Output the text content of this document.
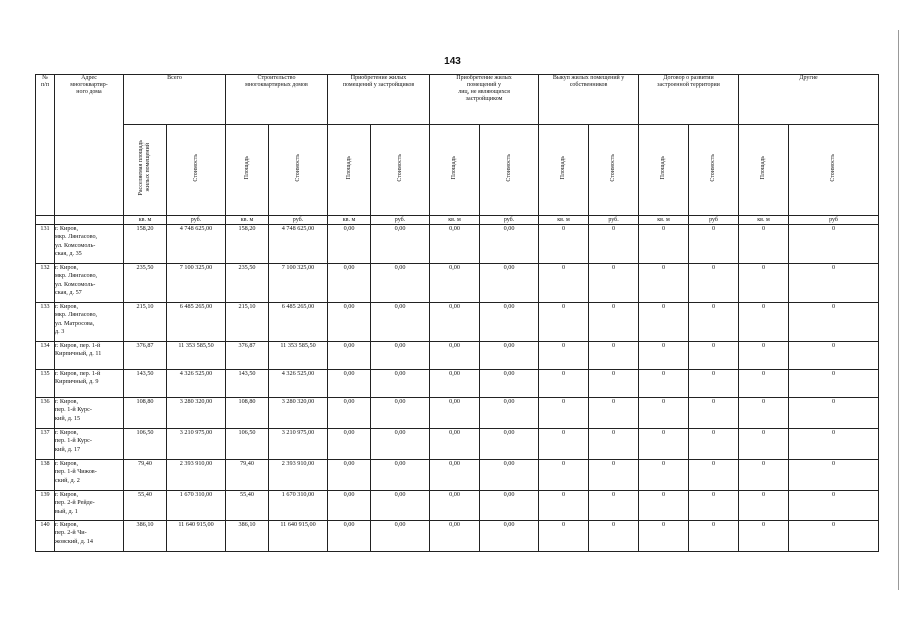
143
№
п/п	Адрес
многоквартир-
ного дома	Всего		Строительство
многоквартирных домов		Приобретение жилых
помещений у застройщиков		Приобретение жилых
помещений у
лиц, не являющихся
застройщиком		Выкуп жилых помещений у
собственников		Договор о развитии
застроенной территории		Другие	
		Расселяемая площадь
жилых помещений	Стоимость	Площадь	Стоимость	Площадь	Стоимость	Площадь	Стоимость	Площадь	Стоимость	Площадь	Стоимость	Площадь	Стоимость
		кв. м	руб.	кв. м	руб.	кв. м	руб.	кв. м	руб.	кв. м	руб.	кв. м	руб	кв. м	руб
131	г. Киров,
мкр. Лянгасово,
ул. Комсомоль-
ская, д. 35	158,20	4 748 625,00	158,20	4 748 625,00	0,00	0,00	0,00	0,00	0	0	0	0	0	0
132	г. Киров,
мкр. Лянгасово,
ул. Комсомоль-
ская, д. 57	235,50	7 100 325,00	235,50	7 100 325,00	0,00	0,00	0,00	0,00	0	0	0	0	0	0
133	г. Киров,
мкр. Лянгасово,
ул. Матросова,
д. 3	215,10	6 485 265,00	215,10	6 485 265,00	0,00	0,00	0,00	0,00	0	0	0	0	0	0
134	г. Киров, пер. 1-й
Кирпичный, д. 11	376,87	11 353 585,50	376,87	11 353 585,50	0,00	0,00	0,00	0,00	0	0	0	0	0	0
135	г. Киров, пер. 1-й
Кирпичный, д. 9	143,50	4 326 525,00	143,50	4 326 525,00	0,00	0,00	0,00	0,00	0	0	0	0	0	0
136	г. Киров,
пер. 1-й Курс-
кий, д. 15	108,80	3 280 320,00	108,80	3 280 320,00	0,00	0,00	0,00	0,00	0	0	0	0	0	0
137	г. Киров,
пер. 1-й Курс-
кий, д. 17	106,50	3 210 975,00	106,50	3 210 975,00	0,00	0,00	0,00	0,00	0	0	0	0	0	0
138	г. Киров,
пер. 1-й Чижов-
ский, д. 2	79,40	2 393 910,00	79,40	2 393 910,00	0,00	0,00	0,00	0,00	0	0	0	0	0	0
139	г. Киров,
пер. 2-й Рейде-
вый, д. 1	55,40	1 670 310,00	55,40	1 670 310,00	0,00	0,00	0,00	0,00	0	0	0	0	0	0
140	г. Киров,
пер. 2-й Чи-
жовский, д. 14	386,10	11 640 915,00	386,10	11 640 915,00	0,00	0,00	0,00	0,00	0	0	0	0	0	0
